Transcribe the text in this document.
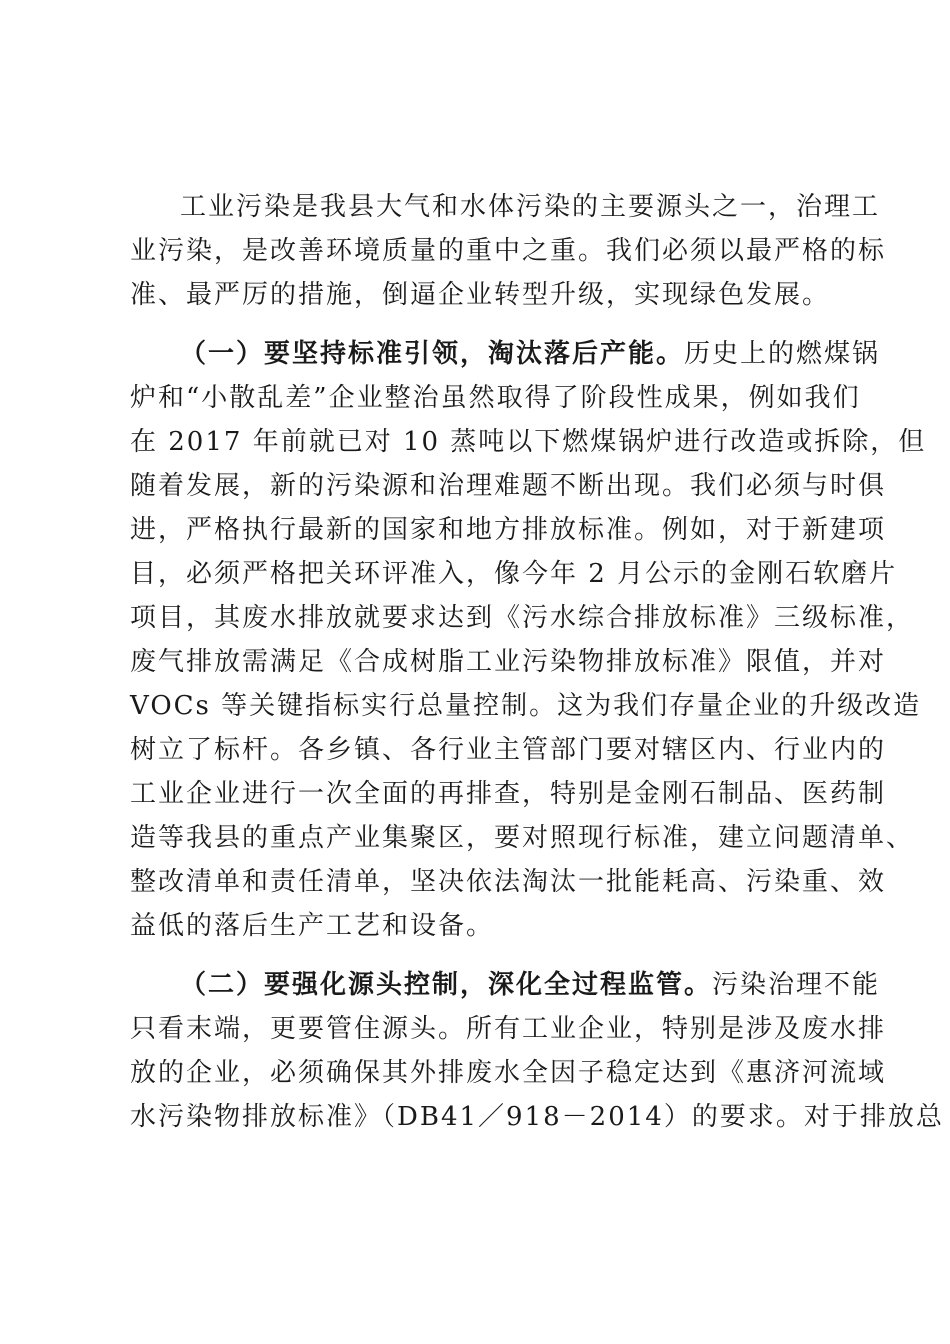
工业污染是我县大气和水体污染的主要源头之一，治理工
业污染，是改善环境质量的重中之重。我们必须以最严格的标
准、最严厉的措施，倒逼企业转型升级，实现绿色发展。
（一）要坚持标准引领，淘汰落后产能。历史上的燃煤锅
炉和“小散乱差”企业整治虽然取得了阶段性成果，例如我们
在 2017 年前就已对 10 蒸吨以下燃煤锅炉进行改造或拆除，但
随着发展，新的污染源和治理难题不断出现。我们必须与时俱
进，严格执行最新的国家和地方排放标准。例如，对于新建项
目，必须严格把关环评准入，像今年 2 月公示的金刚石软磨片
项目，其废水排放就要求达到《污水综合排放标准》三级标准，
废气排放需满足《合成树脂工业污染物排放标准》限值，并对
VOCs 等关键指标实行总量控制。这为我们存量企业的升级改造
树立了标杆。各乡镇、各行业主管部门要对辖区内、行业内的
工业企业进行一次全面的再排查，特别是金刚石制品、医药制
造等我县的重点产业集聚区，要对照现行标准，建立问题清单、
整改清单和责任清单，坚决依法淘汰一批能耗高、污染重、效
益低的落后生产工艺和设备。
（二）要强化源头控制，深化全过程监管。污染治理不能
只看末端，更要管住源头。所有工业企业，特别是涉及废水排
放的企业，必须确保其外排废水全因子稳定达到《惠济河流域
水污染物排放标准》（DB41／918－2014）的要求。对于排放总
